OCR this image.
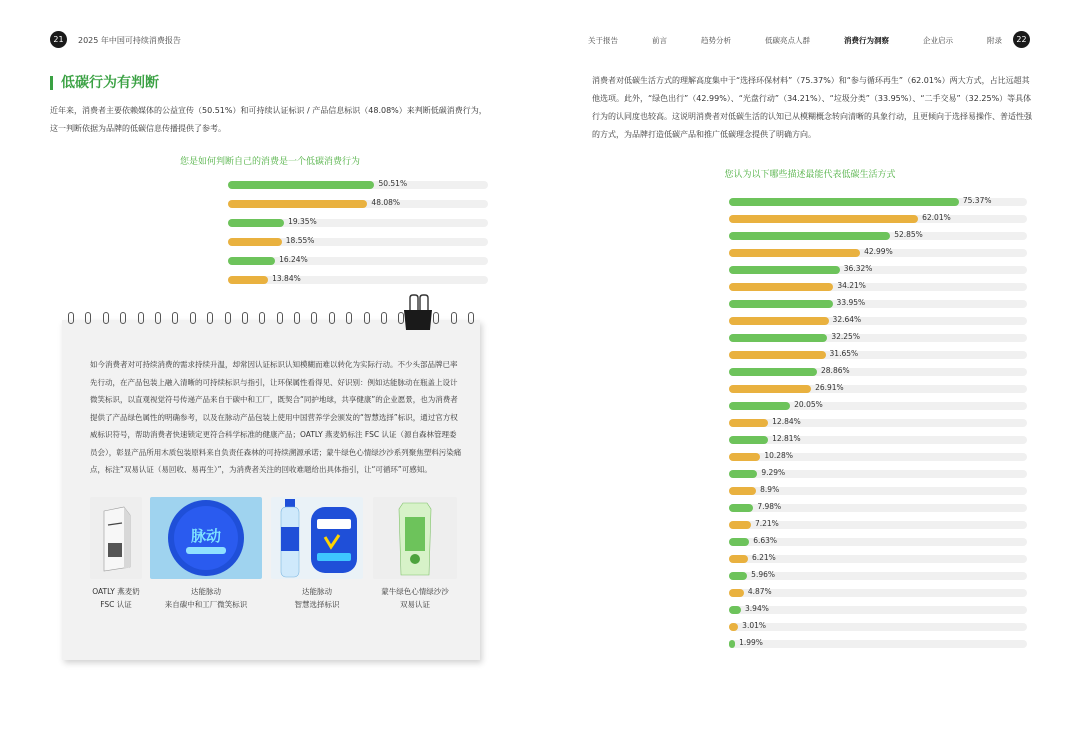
21	2025 年中国可持续消费报告	关于报告	前言	趋势分析	低碳亮点人群	消费行为洞察	企业启示	附录	22
低碳行为有判断
近年来，消费者主要依赖媒体的公益宣传（50.51%）和可持续认证标识 / 产品信息标识（48.08%）来判断低碳消费行为，这一判断依据为品牌的低碳信息传播提供了参考。
您是如何判断自己的消费是一个低碳消费行为
50.51%
48.08%
19.35%
18.55%
16.24%
13.84%
如今消费者对可持续消费的需求持续升温，却常因认证标识认知模糊而难以转化为实际行动。不少头部品牌已率先行动，在产品包装上融入清晰的可持续标识与指引，让环保属性看得见、好识别：例如达能脉动在瓶盖上设计微笑标识，以直观视觉符号传递产品来自于碳中和工厂，既契合“同护地球，共享健康”的企业愿景，也为消费者提供了产品绿色属性的明确参考，以及在脉动产品包装上使用中国营养学会颁发的“智慧选择”标识，通过官方权威标识符号，帮助消费者快速锁定更符合科学标准的健康产品；OATLY 燕麦奶标注 FSC 认证（源自森林管理委员会），彰显产品所用木质包装原料来自负责任森林的可持续溯源承诺；蒙牛绿色心情绿沙沙系列聚焦塑料污染痛点，标注“双易认证（易回收、易再生）”，为消费者关注的回收难题给出具体指引，让“可循环”可感知。
脉动
OATLY 燕麦奶
FSC 认证
达能脉动
来自碳中和工厂微笑标识
达能脉动
智慧选择标识
蒙牛绿色心情绿沙沙
双易认证
消费者对低碳生活方式的理解高度集中于“选择环保材料”（75.37%）和“参与循环再生”（62.01%）两大方式，占比远超其他选项。此外，“绿色出行”（42.99%）、“光盘行动”（34.21%）、“垃圾分类”（33.95%）、“二手交易”（32.25%）等具体行为的认同度也较高。这说明消费者对低碳生活的认知已从模糊概念转向清晰的具象行动，且更倾向于选择易操作、普适性强的方式，为品牌打造低碳产品和推广低碳理念提供了明确方向。
您认为以下哪些描述最能代表低碳生活方式
75.37%
62.01%
52.85%
42.99%
36.32%
34.21%
33.95%
32.64%
32.25%
31.65%
28.86%
26.91%
20.05%
12.84%
12.81%
10.28%
9.29%
8.9%
7.98%
7.21%
6.63%
6.21%
5.96%
4.87%
3.94%
3.01%
1.99%
